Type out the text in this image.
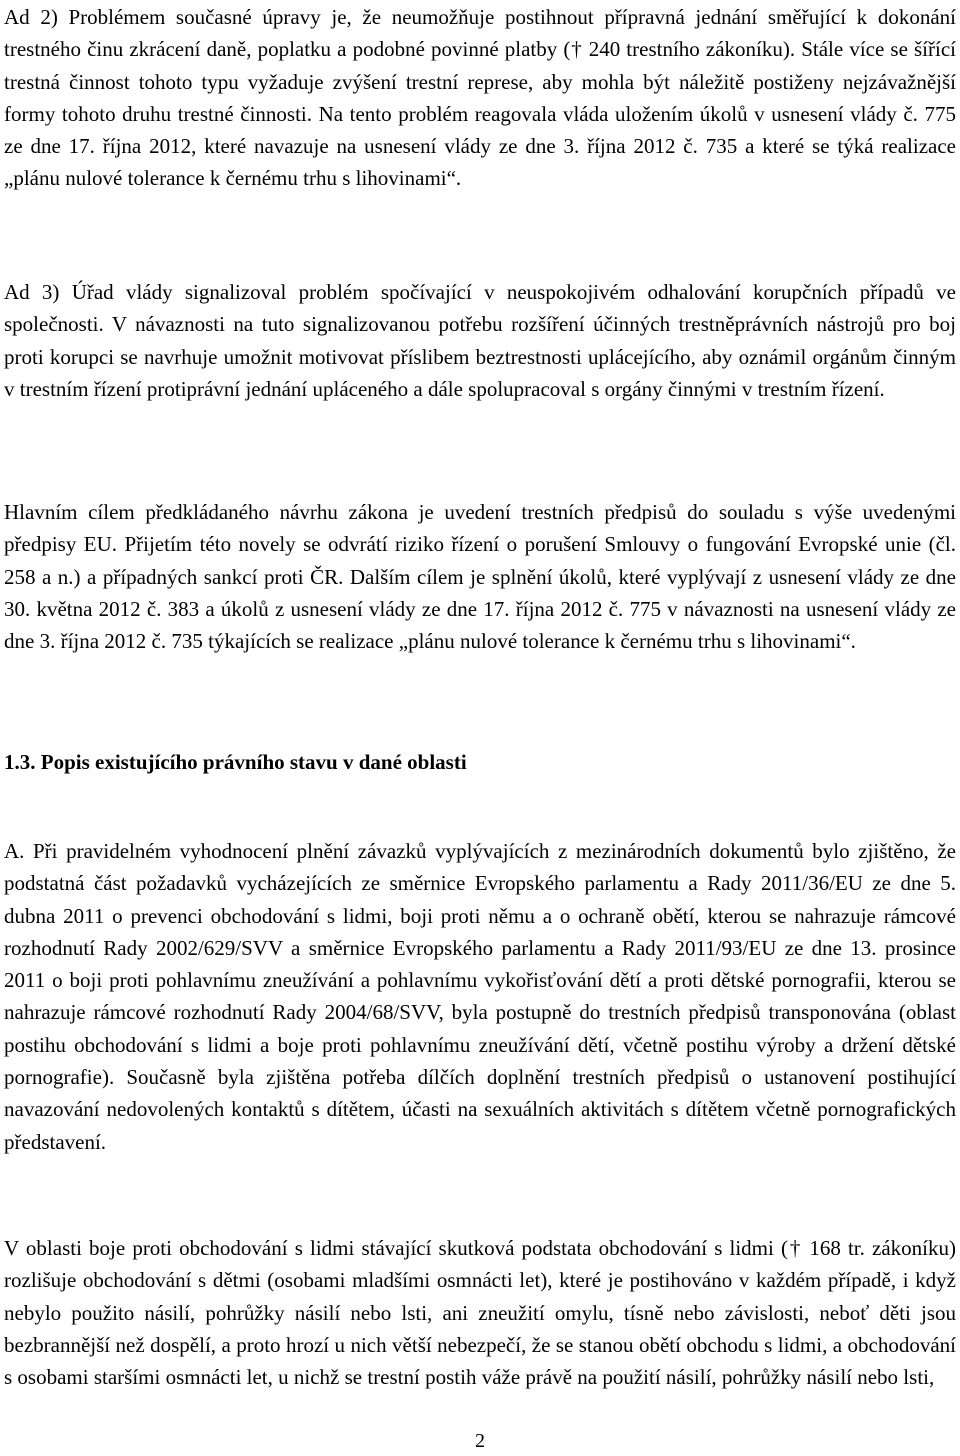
Ad 2) Problémem současné úpravy je, že neumožňuje postihnout přípravná jednání směřující k dokonání trestného činu zkrácení daně, poplatku a podobné povinné platby († 240 trestního zákoníku). Stále více se šířící trestná činnost tohoto typu vyžaduje zvýšení trestní represe, aby mohla být náležitě postiženy nejzávažnější formy tohoto druhu trestné činnosti. Na tento problém reagovala vláda uložením úkolů v usnesení vlády č. 775 ze dne 17. října 2012, které navazuje na usnesení vlády ze dne 3. října 2012 č. 735 a které se týká realizace „plánu nulové tolerance k černému trhu s lihovinami“.

Ad 3) Úřad vlády signalizoval problém spočívající v neuspokojivém odhalování korupčních případů ve společnosti. V návaznosti na tuto signalizovanou potřebu rozšíření účinných trestněprávních nástrojů pro boj proti korupci se navrhuje umožnit motivovat příslibem beztrestnosti uplácejícího, aby oznámil orgánům činným v trestním řízení protiprávní jednání upláceného a dále spolupracoval s orgány činnými v trestním řízení.

Hlavním cílem předkládaného návrhu zákona je uvedení trestních předpisů do souladu s výše uvedenými předpisy EU. Přijetím této novely se odvrátí riziko řízení o porušení Smlouvy o fungování Evropské unie (čl. 258 a n.) a případných sankcí proti ČR. Dalším cílem je splnění úkolů, které vyplývají z usnesení vlády ze dne 30. května 2012 č. 383 a úkolů z usnesení vlády ze dne 17. října 2012 č. 775 v návaznosti na usnesení vlády ze dne 3. října 2012 č. 735 týkajících se realizace „plánu nulové tolerance k černému trhu s lihovinami“.

1.3. Popis existujícího právního stavu v dané oblasti

A. Při pravidelném vyhodnocení plnění závazků vyplývajících z mezinárodních dokumentů bylo zjištěno, že podstatná část požadavků vycházejících ze směrnice Evropského parlamentu a Rady 2011/36/EU ze dne 5. dubna 2011 o prevenci obchodování s lidmi, boji proti němu a o ochraně obětí, kterou se nahrazuje rámcové rozhodnutí Rady 2002/629/SVV a směrnice Evropského parlamentu a Rady 2011/93/EU ze dne 13. prosince 2011 o boji proti pohlavnímu zneužívání a pohlavnímu vykořisťování dětí a proti dětské pornografii, kterou se nahrazuje rámcové rozhodnutí Rady 2004/68/SVV, byla postupně do trestních předpisů transponována (oblast postihu obchodování s lidmi a boje proti pohlavnímu zneužívání dětí, včetně postihu výroby a držení dětské pornografie). Současně byla zjištěna potřeba dílčích doplnění trestních předpisů o ustanovení postihující navazování nedovolených kontaktů s dítětem, účasti na sexuálních aktivitách s dítětem včetně pornografických představení.

V oblasti boje proti obchodování s lidmi stávající skutková podstata obchodování s lidmi († 168 tr. zákoníku) rozlišuje obchodování s dětmi (osobami mladšími osmnácti let), které je postihováno v každém případě, i když nebylo použito násilí, pohrůžky násilí nebo lsti, ani zneužití omylu, tísně nebo závislosti, neboť děti jsou bezbrannější než dospělí, a proto hrozí u nich větší nebezpečí, že se stanou obětí obchodu s lidmi, a obchodování s osobami staršími osmnácti let, u nichž se trestní postih váže právě na použití násilí, pohrůžky násilí nebo lsti,

2
